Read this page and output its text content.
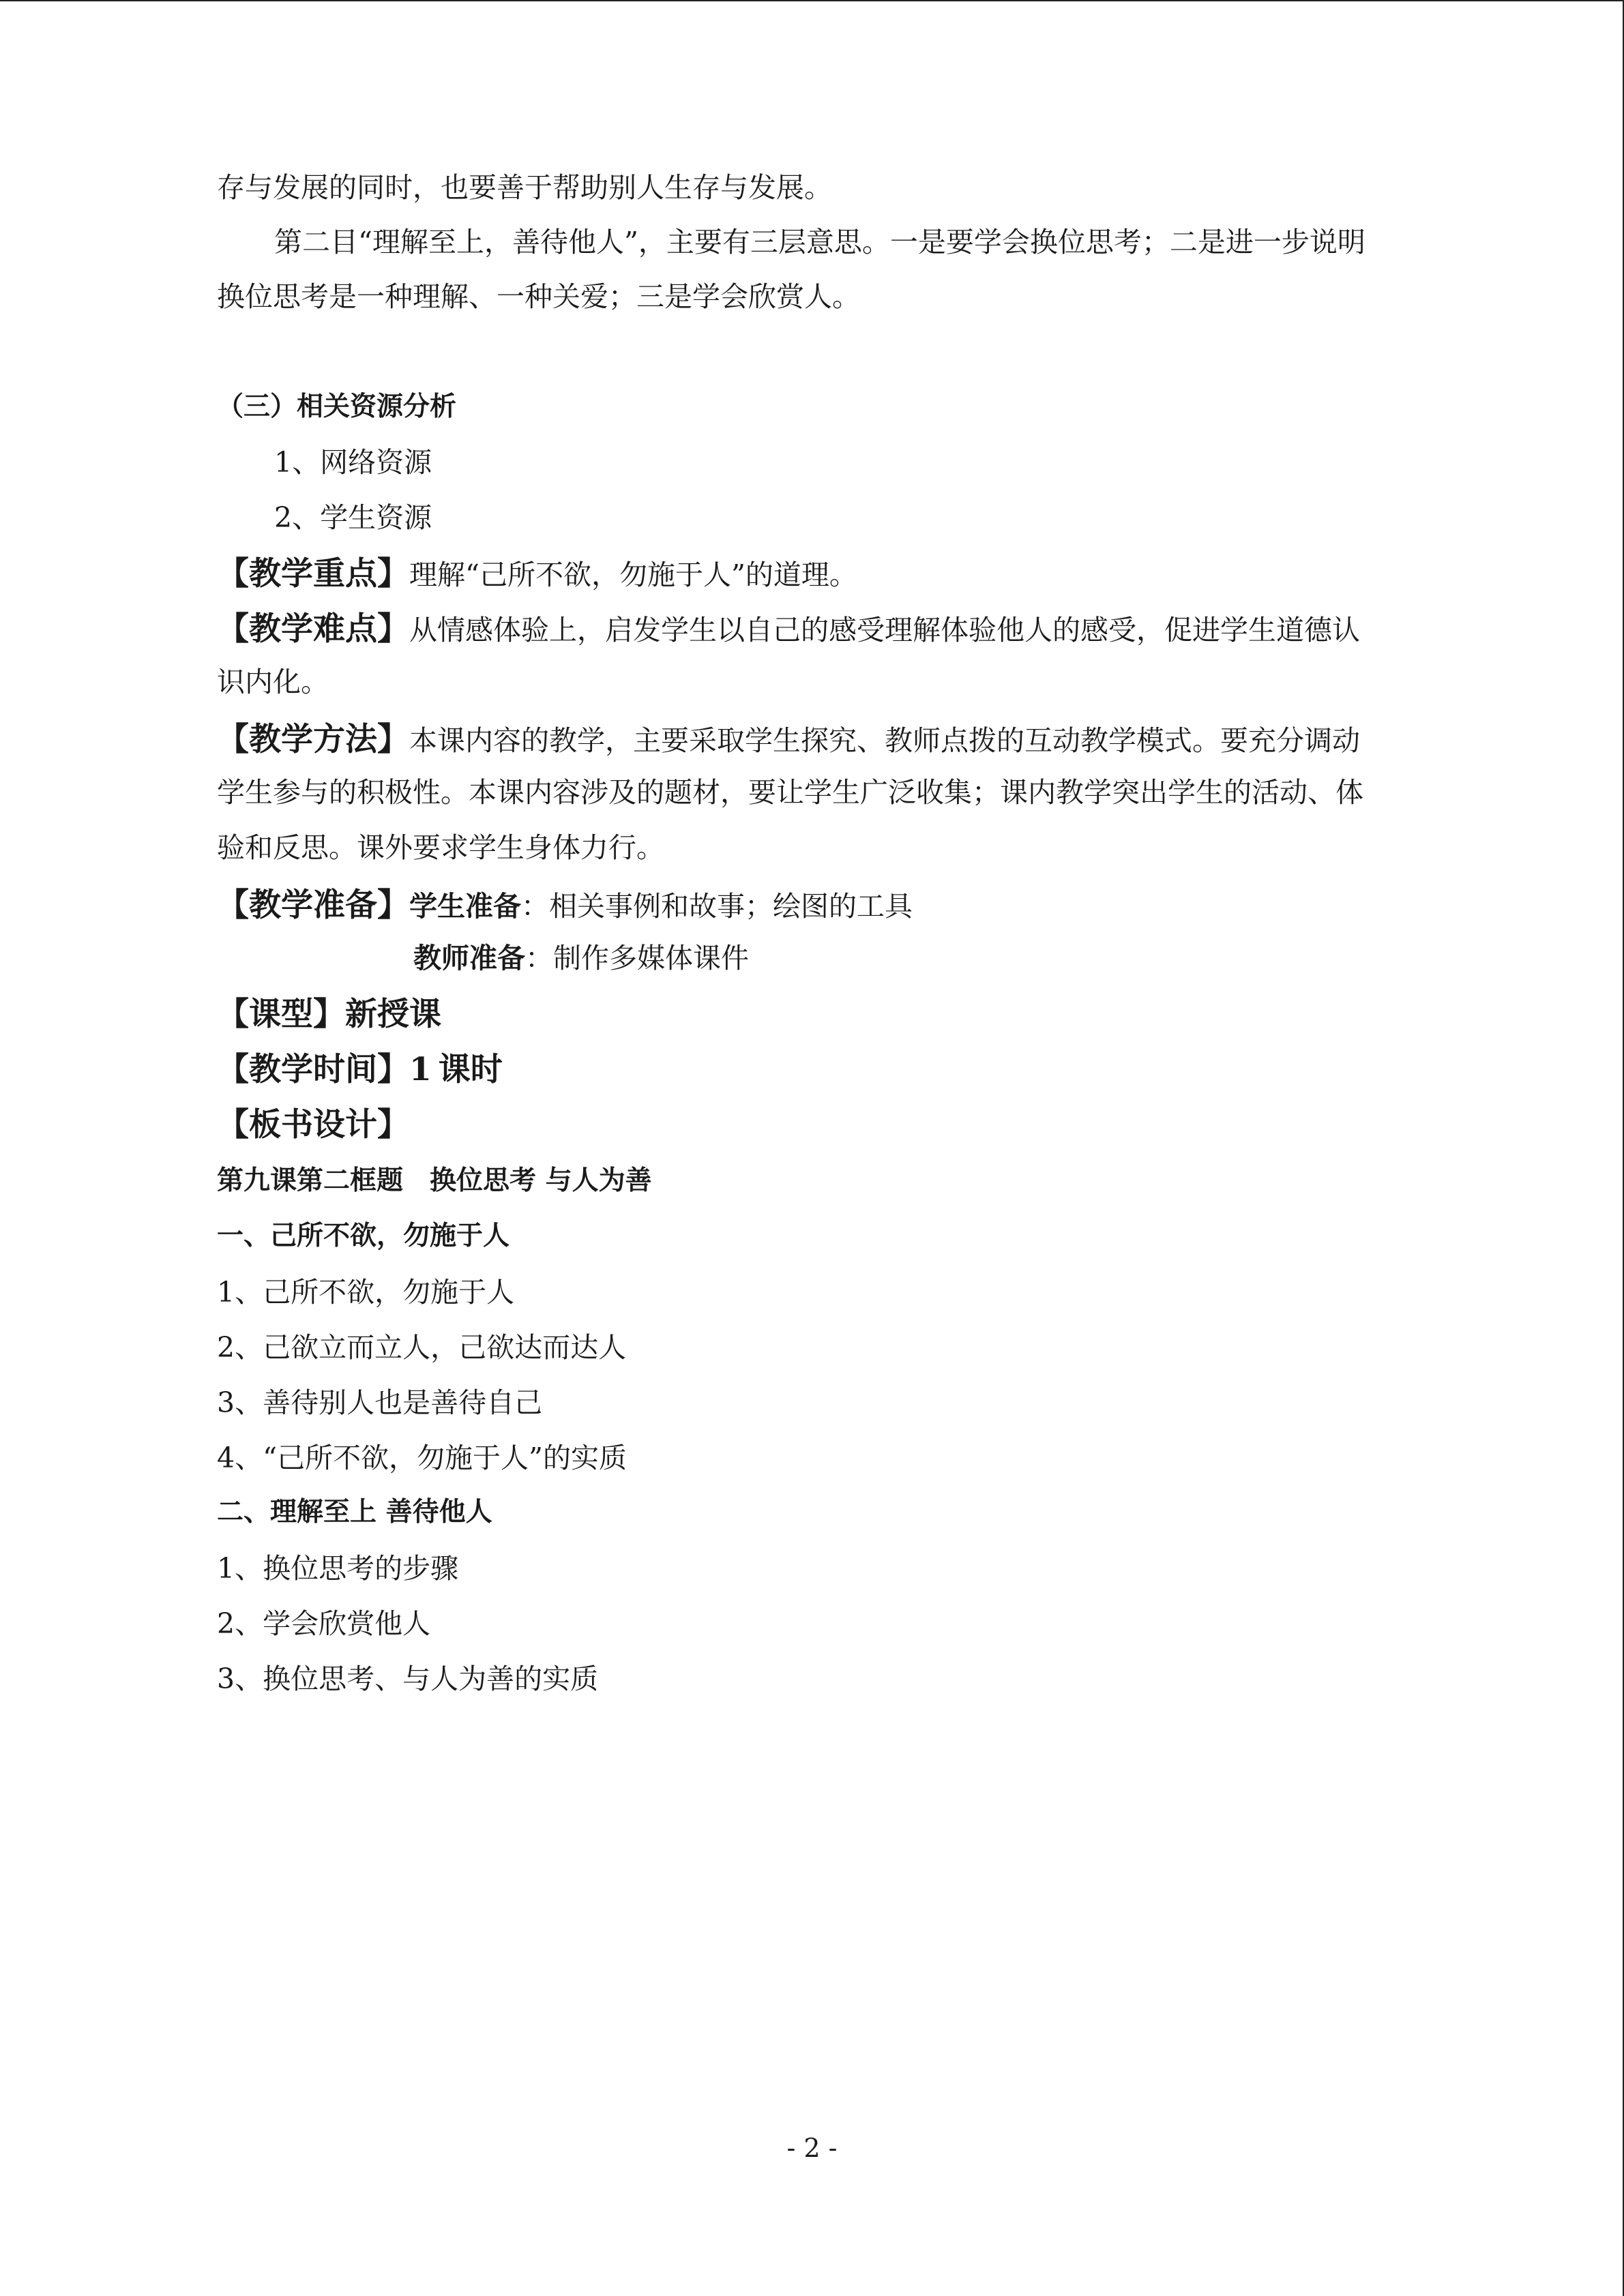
存与发展的同时，也要善于帮助别人生存与发展。
第二目“理解至上，善待他人”，主要有三层意思。一是要学会换位思考；二是进一步说明
换位思考是一种理解、一种关爱；三是学会欣赏人。
（三）相关资源分析
1、网络资源
2、学生资源
【教学重点】理解“己所不欲，勿施于人”的道理。
【教学难点】从情感体验上，启发学生以自己的感受理解体验他人的感受，促进学生道德认
识内化。
【教学方法】本课内容的教学，主要采取学生探究、教师点拨的互动教学模式。要充分调动
学生参与的积极性。本课内容涉及的题材，要让学生广泛收集；课内教学突出学生的活动、体
验和反思。课外要求学生身体力行。
【教学准备】学生准备：相关事例和故事；绘图的工具
教师准备：制作多媒体课件
【课型】新授课
【教学时间】1 课时
【板书设计】
第九课第二框题　换位思考 与人为善
一、己所不欲，勿施于人
1、己所不欲，勿施于人
2、己欲立而立人，己欲达而达人
3、善待别人也是善待自己
4、“己所不欲，勿施于人”的实质
二、理解至上 善待他人
1、换位思考的步骤
2、学会欣赏他人
3、换位思考、与人为善的实质
- 2 -
